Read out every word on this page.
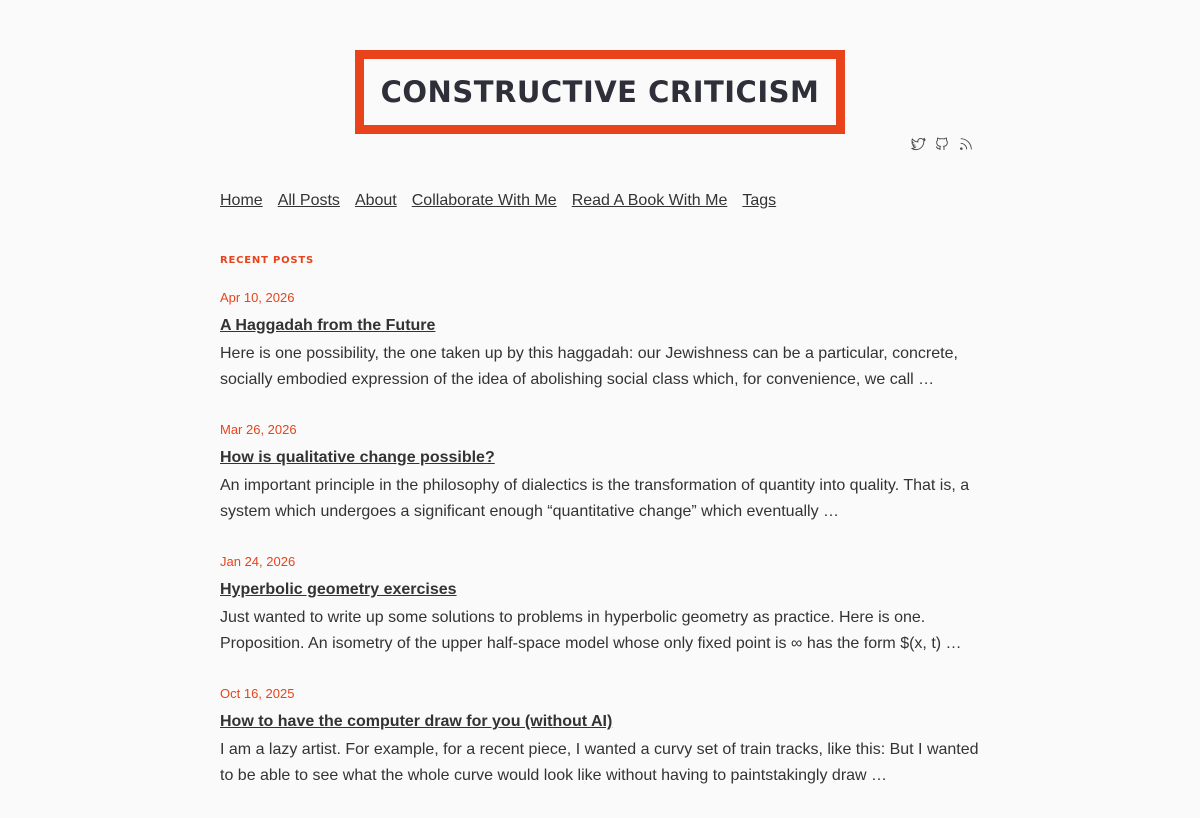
CONSTRUCTIVE CRITICISM
Home All Posts About Collaborate With Me Read A Book With Me Tags
RECENT POSTS

Apr 10, 2026

A Haggadah from the Future

Here is one possibility, the one taken up by this haggadah: our Jewishness can be a particular, concrete, socially embodied expression of the idea of abolishing social class which, for convenience, we call …

Mar 26, 2026

How is qualitative change possible?

An important principle in the philosophy of dialectics is the transformation of quantity into quality. That is, a system which undergoes a significant enough “quantitative change” which eventually …

Jan 24, 2026

Hyperbolic geometry exercises

Just wanted to write up some solutions to problems in hyperbolic geometry as practice. Here is one. Proposition. An isometry of the upper half-space model whose only fixed point is ∞ has the form $(x, t) …

Oct 16, 2025

How to have the computer draw for you (without AI)

I am a lazy artist. For example, for a recent piece, I wanted a curvy set of train tracks, like this: But I wanted to be able to see what the whole curve would look like without having to paintstakingly draw …
